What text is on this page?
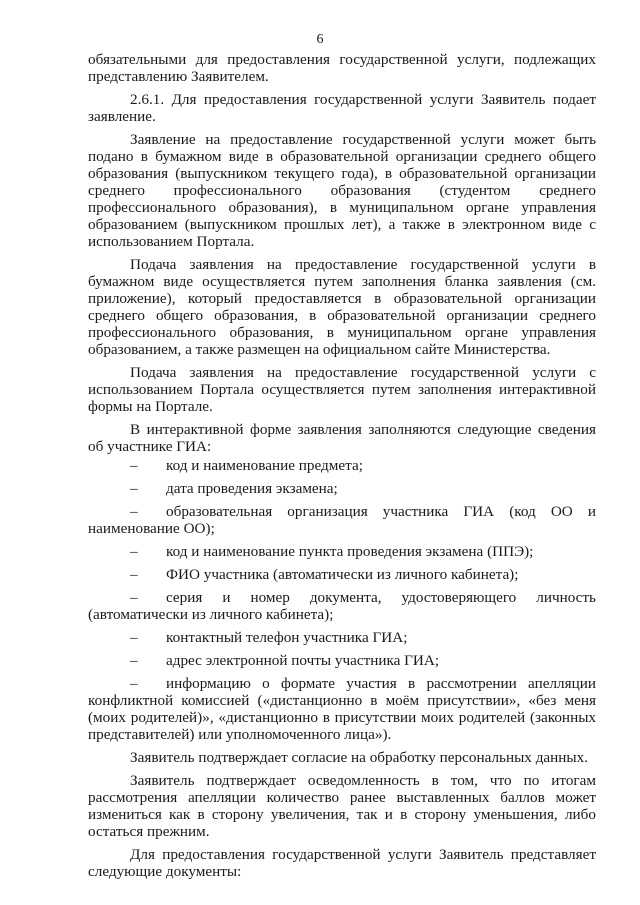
6

обязательными для предоставления государственной услуги, подлежащих представлению Заявителем.

2.6.1. Для предоставления государственной услуги Заявитель подает заявление.

Заявление на предоставление государственной услуги может быть подано в бумажном виде в образовательной организации среднего общего образования (выпускником текущего года), в образовательной организации среднего профессионального образования (студентом среднего профессионального образования), в муниципальном органе управления образованием (выпускником прошлых лет), а также в электронном виде с использованием Портала.

Подача заявления на предоставление государственной услуги в бумажном виде осуществляется путем заполнения бланка заявления (см. приложение), который предоставляется в образовательной организации среднего общего образования, в образовательной организации среднего профессионального образования, в муниципальном органе управления образованием, а также размещен на официальном сайте Министерства.

Подача заявления на предоставление государственной услуги с использованием Портала осуществляется путем заполнения интерактивной формы на Портале.

В интерактивной форме заявления заполняются следующие сведения об участнике ГИА:

– код и наименование предмета;
– дата проведения экзамена;
– образовательная организация участника ГИА (код ОО и наименование ОО);
– код и наименование пункта проведения экзамена (ППЭ);
– ФИО участника (автоматически из личного кабинета);
– серия и номер документа, удостоверяющего личность (автоматически из личного кабинета);
– контактный телефон участника ГИА;
– адрес электронной почты участника ГИА;
– информацию о формате участия в рассмотрении апелляции конфликтной комиссией («дистанционно в моём присутствии», «без меня (моих родителей)», «дистанционно в присутствии моих родителей (законных представителей) или уполномоченного лица»).

Заявитель подтверждает согласие на обработку персональных данных.

Заявитель подтверждает осведомленность в том, что по итогам рассмотрения апелляции количество ранее выставленных баллов может измениться как в сторону увеличения, так и в сторону уменьшения, либо остаться прежним.

Для предоставления государственной услуги Заявитель представляет следующие документы:
